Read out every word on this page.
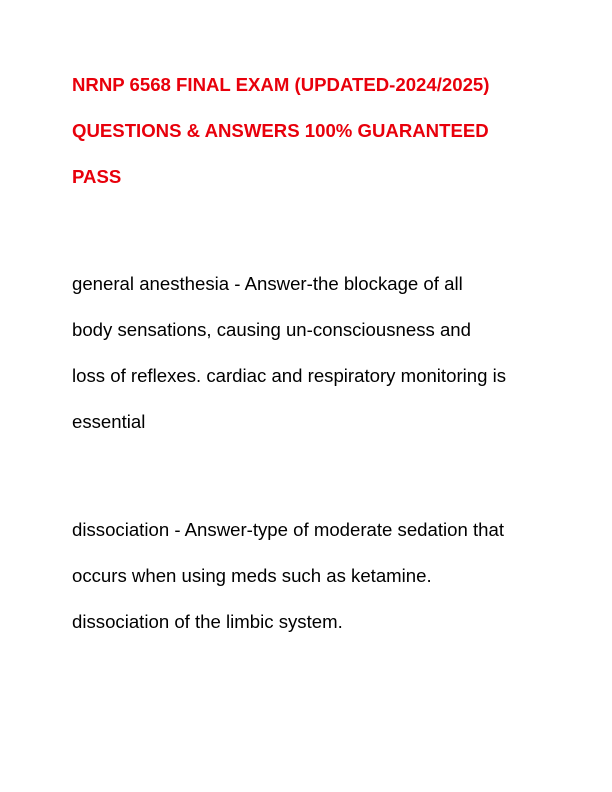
NRNP 6568 FINAL EXAM (UPDATED-2024/2025)
QUESTIONS & ANSWERS 100% GUARANTEED
PASS
general anesthesia - Answer-the blockage of all
body sensations, causing un-consciousness and
loss of reflexes. cardiac and respiratory monitoring is
essential
dissociation - Answer-type of moderate sedation that
occurs when using meds such as ketamine.
dissociation of the limbic system.
